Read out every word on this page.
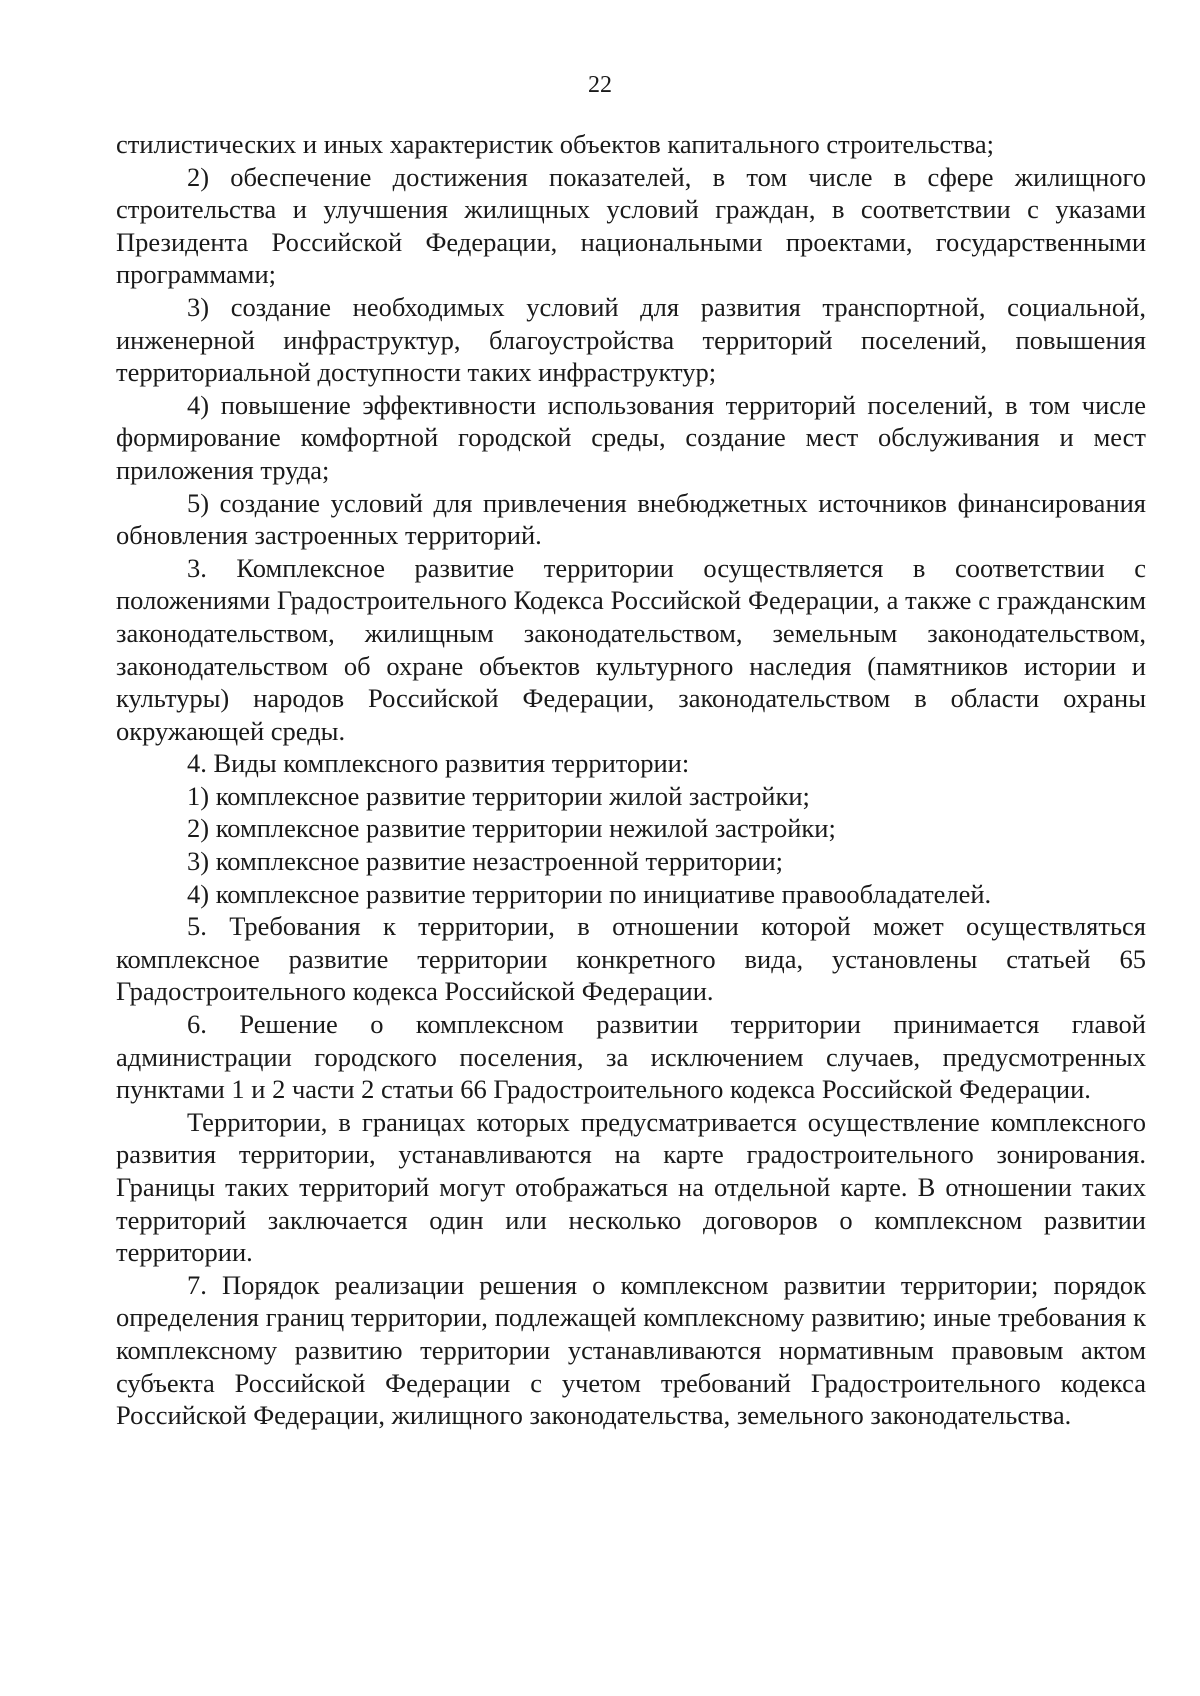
22

стилистических и иных характеристик объектов капитального строительства;

2) обеспечение достижения показателей, в том числе в сфере жилищного строительства и улучшения жилищных условий граждан, в соответствии с указами Президента Российской Федерации, национальными проектами, государственными программами;

3) создание необходимых условий для развития транспортной, социальной, инженерной инфраструктур, благоустройства территорий поселений, повышения территориальной доступности таких инфраструктур;

4) повышение эффективности использования территорий поселений, в том числе формирование комфортной городской среды, создание мест обслуживания и мест приложения труда;

5) создание условий для привлечения внебюджетных источников финансирования обновления застроенных территорий.

3. Комплексное развитие территории осуществляется в соответствии с положениями Градостроительного Кодекса Российской Федерации, а также с гражданским законодательством, жилищным законодательством, земельным законодательством, законодательством об охране объектов культурного наследия (памятников истории и культуры) народов Российской Федерации, законодательством в области охраны окружающей среды.

4. Виды комплексного развития территории:

1) комплексное развитие территории жилой застройки;

2) комплексное развитие территории нежилой застройки;

3) комплексное развитие незастроенной территории;

4) комплексное развитие территории по инициативе правообладателей.

5. Требования к территории, в отношении которой может осуществляться комплексное развитие территории конкретного вида, установлены статьей 65 Градостроительного кодекса Российской Федерации.

6. Решение о комплексном развитии территории принимается главой администрации городского поселения, за исключением случаев, предусмотренных пунктами 1 и 2 части 2 статьи 66 Градостроительного кодекса Российской Федерации.

Территории, в границах которых предусматривается осуществление комплексного развития территории, устанавливаются на карте градостроительного зонирования. Границы таких территорий могут отображаться на отдельной карте. В отношении таких территорий заключается один или несколько договоров о комплексном развитии территории.

7. Порядок реализации решения о комплексном развитии территории; порядок определения границ территории, подлежащей комплексному развитию; иные требования к комплексному развитию территории устанавливаются нормативным правовым актом субъекта Российской Федерации с учетом требований Градостроительного кодекса Российской Федерации, жилищного законодательства, земельного законодательства.
